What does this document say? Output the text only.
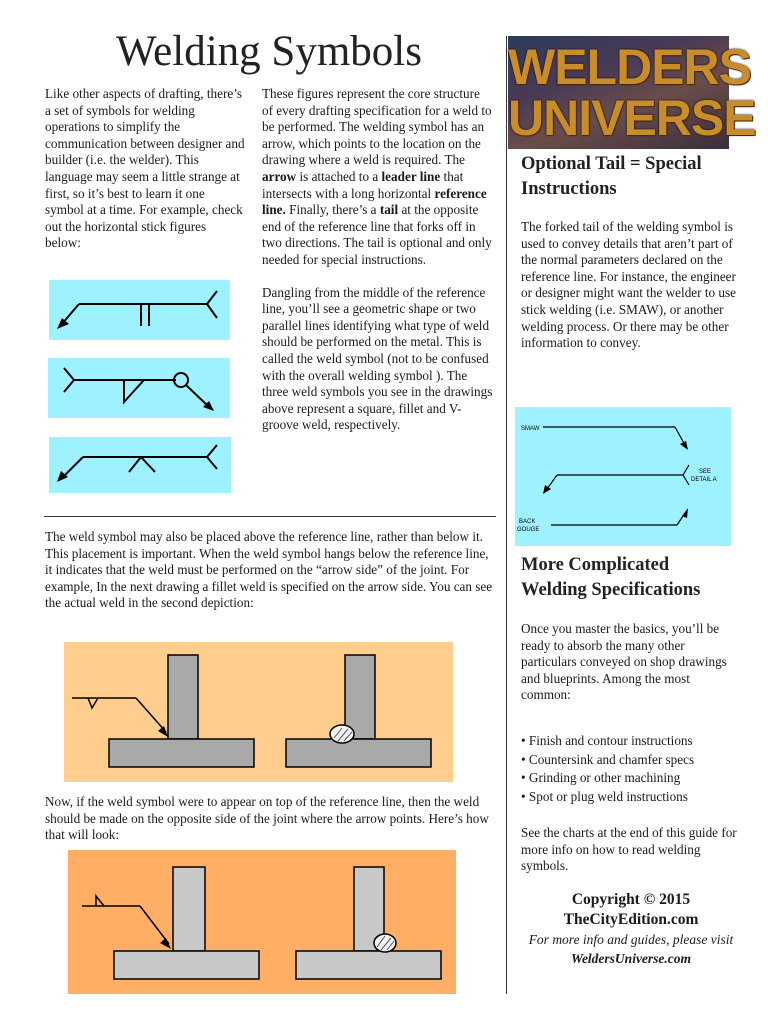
Welding Symbols

Like other aspects of drafting, there’s a set of symbols for welding operations to simplify the communication between designer and builder (i.e. the welder). This language may seem a little strange at first, so it’s best to learn it one symbol at a time. For example, check out the horizontal stick figures below:

These figures represent the core structure of every drafting specification for a weld to be performed. The welding symbol has an arrow, which points to the location on the drawing where a weld is required. The arrow is attached to a leader line that intersects with a long horizontal reference line. Finally, there’s a tail at the opposite end of the reference line that forks off in two directions. The tail is optional and only needed for special instructions.

Dangling from the middle of the reference line, you’ll see a geometric shape or two parallel lines identifying what type of weld should be performed on the metal. This is called the weld symbol (not to be confused with the overall welding symbol ). The three weld symbols you see in the drawings above represent a square, fillet and V-groove weld, respectively.

The weld symbol may also be placed above the reference line, rather than below it. This placement is important. When the weld symbol hangs below the reference line, it indicates that the weld must be performed on the “arrow side” of the joint. For example, In the next drawing a fillet weld is specified on the arrow side. You can see the actual weld in the second depiction:

Now, if the weld symbol were to appear on top of the reference line, then the weld should be made on the opposite side of the joint where the arrow points. Here’s how that will look:

WELDERS
UNIVERSE
Optional Tail = Special Instructions

The forked tail of the welding symbol is used to convey details that aren’t part of the normal parameters declared on the reference line. For instance, the engineer or designer might want the welder to use stick welding (i.e. SMAW), or another welding process. Or there may be other information to convey.

SMAW
SEE
DETAIL A
BACK
GOUGE
More Complicated Welding Specifications

Once you master the basics, you’ll be ready to absorb the many other particulars conveyed on shop drawings and blueprints. Among the most common:

• Finish and contour instructions
• Countersink and chamfer specs
• Grinding or other machining
• Spot or plug weld instructions

See the charts at the end of this guide for more info on how to read welding symbols.

Copyright © 2015
TheCityEdition.com
For more info and guides, please visit
WeldersUniverse.com
